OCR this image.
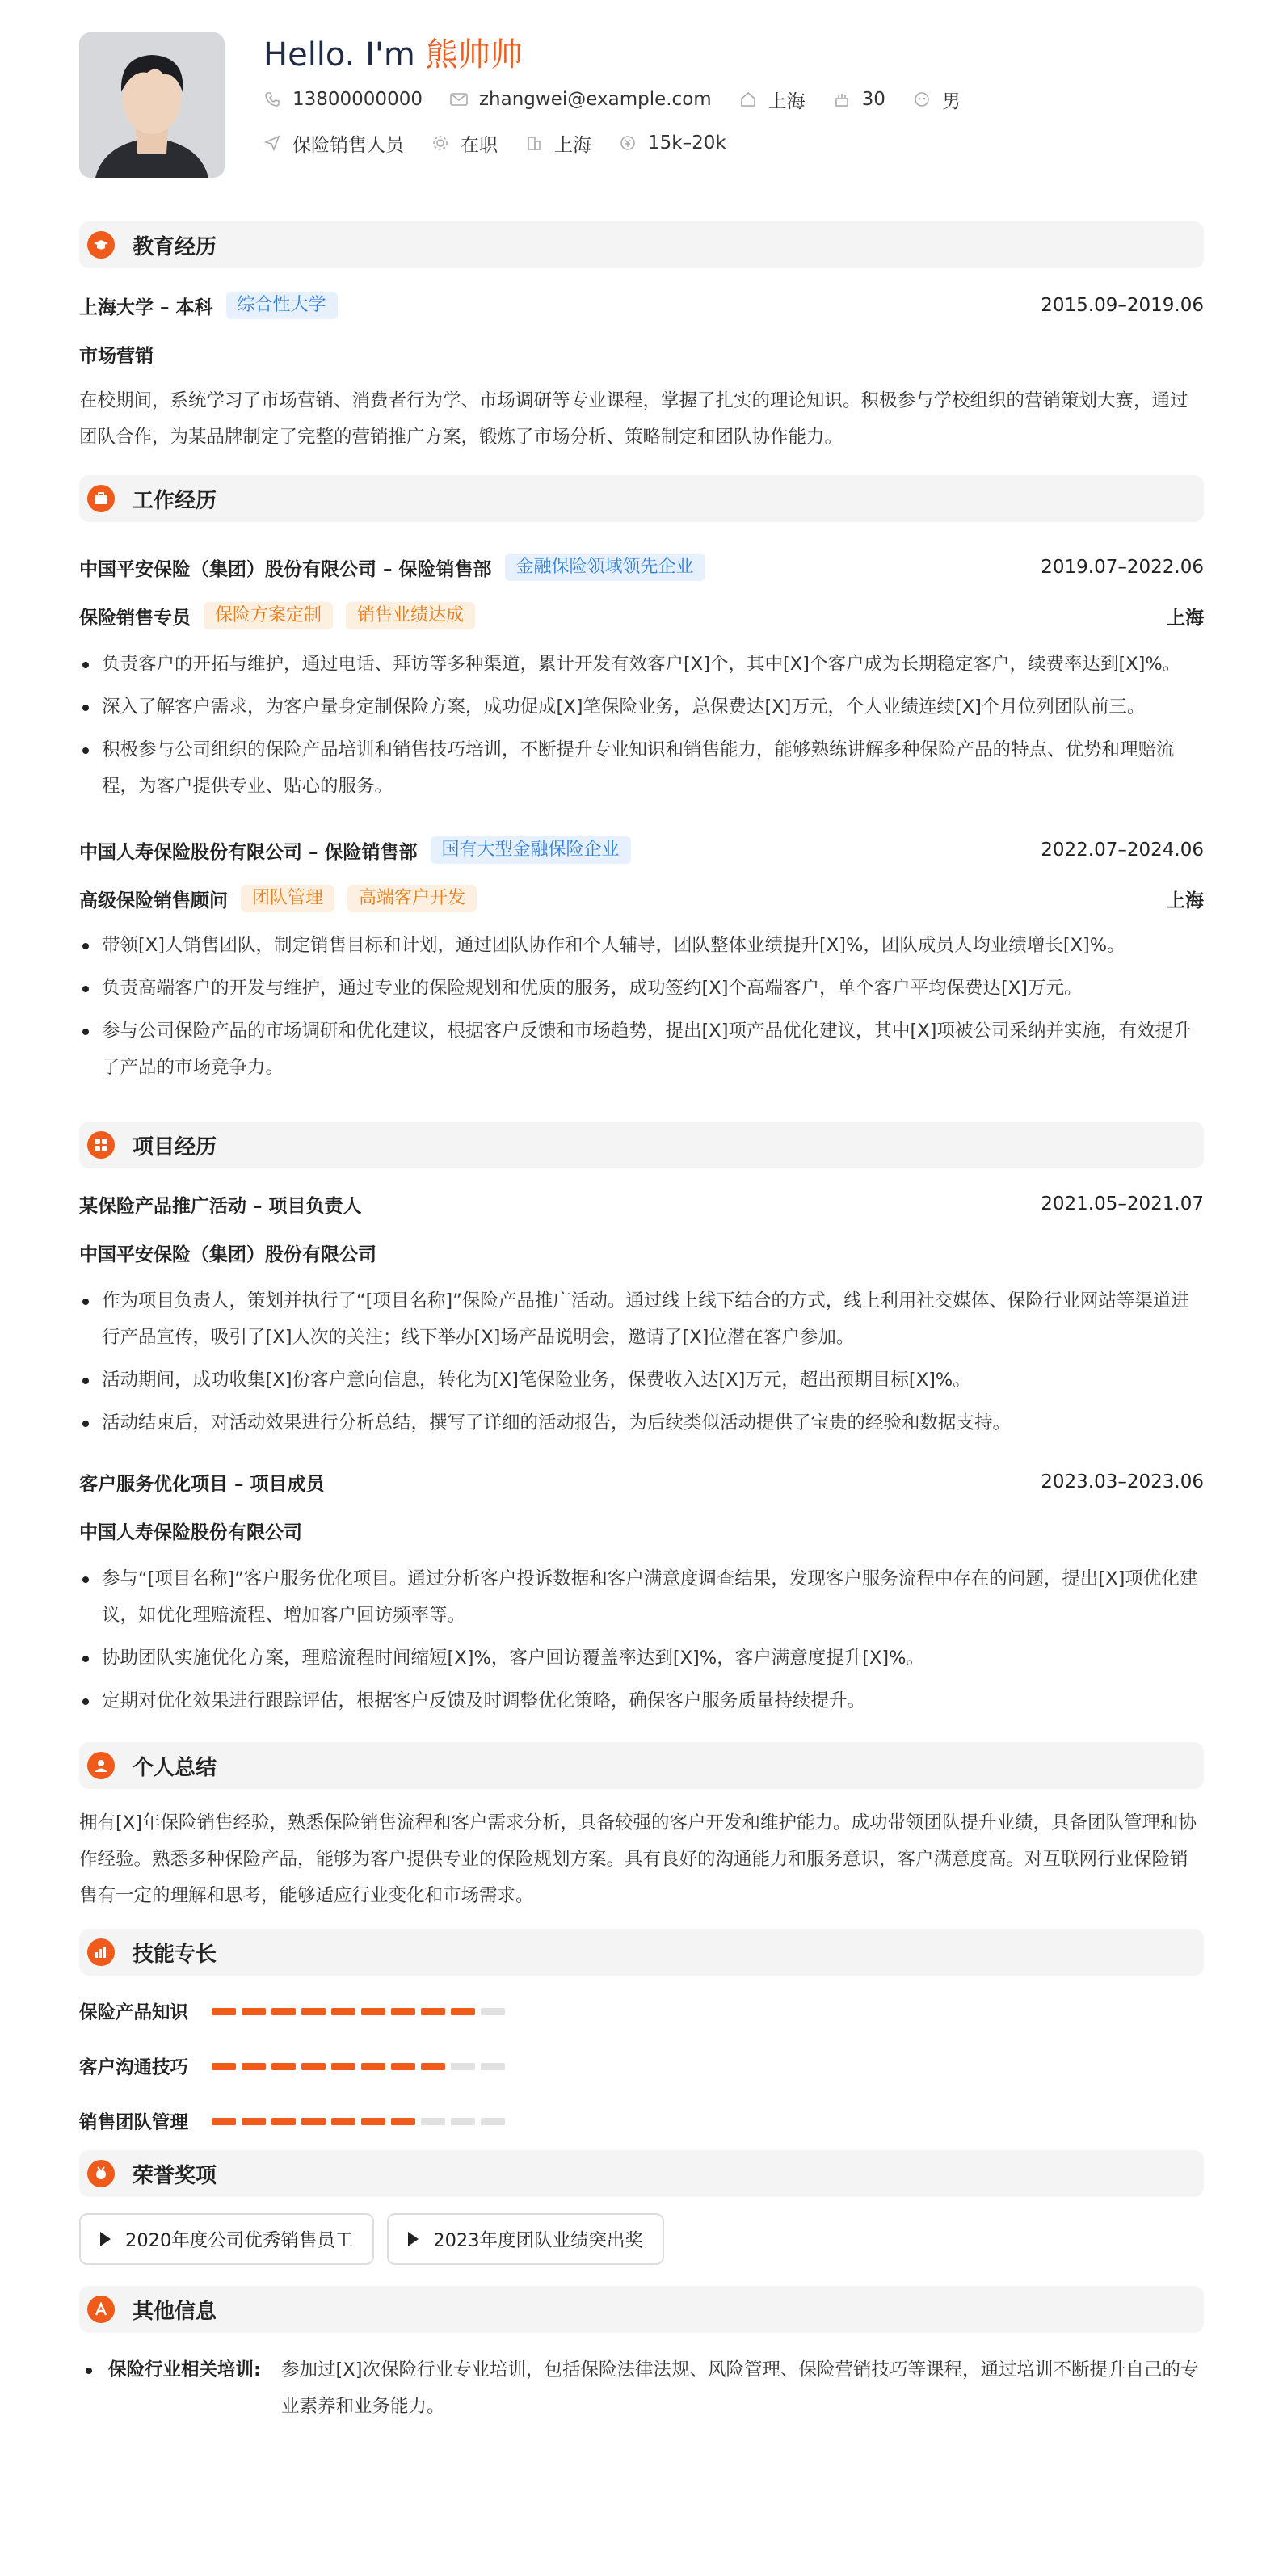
Hello. I'm 熊帅帅
13800000000	zhangwei@example.com	上海	30	男
保险销售人员	在职	上海	15k–20k
教育经历
上海大学 – 本科	综合性大学	2015.09–2019.06
市场营销
在校期间，系统学习了市场营销、消费者行为学、市场调研等专业课程，掌握了扎实的理论知识。积极参与学校组织的营销策划大赛，通过团队合作，为某品牌制定了完整的营销推广方案，锻炼了市场分析、策略制定和团队协作能力。
工作经历
中国平安保险（集团）股份有限公司 – 保险销售部	金融保险领域领先企业	2019.07–2022.06
保险销售专员	保险方案定制	销售业绩达成	上海
负责客户的开拓与维护，通过电话、拜访等多种渠道，累计开发有效客户[X]个，其中[X]个客户成为长期稳定客户，续费率达到[X]%。
深入了解客户需求，为客户量身定制保险方案，成功促成[X]笔保险业务，总保费达[X]万元，个人业绩连续[X]个月位列团队前三。
积极参与公司组织的保险产品培训和销售技巧培训，不断提升专业知识和销售能力，能够熟练讲解多种保险产品的特点、优势和理赔流程，为客户提供专业、贴心的服务。
中国人寿保险股份有限公司 – 保险销售部	国有大型金融保险企业	2022.07–2024.06
高级保险销售顾问	团队管理	高端客户开发	上海
带领[X]人销售团队，制定销售目标和计划，通过团队协作和个人辅导，团队整体业绩提升[X]%，团队成员人均业绩增长[X]%。
负责高端客户的开发与维护，通过专业的保险规划和优质的服务，成功签约[X]个高端客户，单个客户平均保费达[X]万元。
参与公司保险产品的市场调研和优化建议，根据客户反馈和市场趋势，提出[X]项产品优化建议，其中[X]项被公司采纳并实施，有效提升了产品的市场竞争力。
项目经历
某保险产品推广活动 – 项目负责人	2021.05–2021.07
中国平安保险（集团）股份有限公司
作为项目负责人，策划并执行了“[项目名称]”保险产品推广活动。通过线上线下结合的方式，线上利用社交媒体、保险行业网站等渠道进行产品宣传，吸引了[X]人次的关注；线下举办[X]场产品说明会，邀请了[X]位潜在客户参加。
活动期间，成功收集[X]份客户意向信息，转化为[X]笔保险业务，保费收入达[X]万元，超出预期目标[X]%。
活动结束后，对活动效果进行分析总结，撰写了详细的活动报告，为后续类似活动提供了宝贵的经验和数据支持。
客户服务优化项目 – 项目成员	2023.03–2023.06
中国人寿保险股份有限公司
参与“[项目名称]”客户服务优化项目。通过分析客户投诉数据和客户满意度调查结果，发现客户服务流程中存在的问题，提出[X]项优化建议，如优化理赔流程、增加客户回访频率等。
协助团队实施优化方案，理赔流程时间缩短[X]%，客户回访覆盖率达到[X]%，客户满意度提升[X]%。
定期对优化效果进行跟踪评估，根据客户反馈及时调整优化策略，确保客户服务质量持续提升。
个人总结
拥有[X]年保险销售经验，熟悉保险销售流程和客户需求分析，具备较强的客户开发和维护能力。成功带领团队提升业绩，具备团队管理和协作经验。熟悉多种保险产品，能够为客户提供专业的保险规划方案。具有良好的沟通能力和服务意识，客户满意度高。对互联网行业保险销售有一定的理解和思考，能够适应行业变化和市场需求。
技能专长
保险产品知识
客户沟通技巧
销售团队管理
荣誉奖项
2020年度公司优秀销售员工	2023年度团队业绩突出奖
其他信息
保险行业相关培训:	参加过[X]次保险行业专业培训，包括保险法律法规、风险管理、保险营销技巧等课程，通过培训不断提升自己的专业素养和业务能力。
